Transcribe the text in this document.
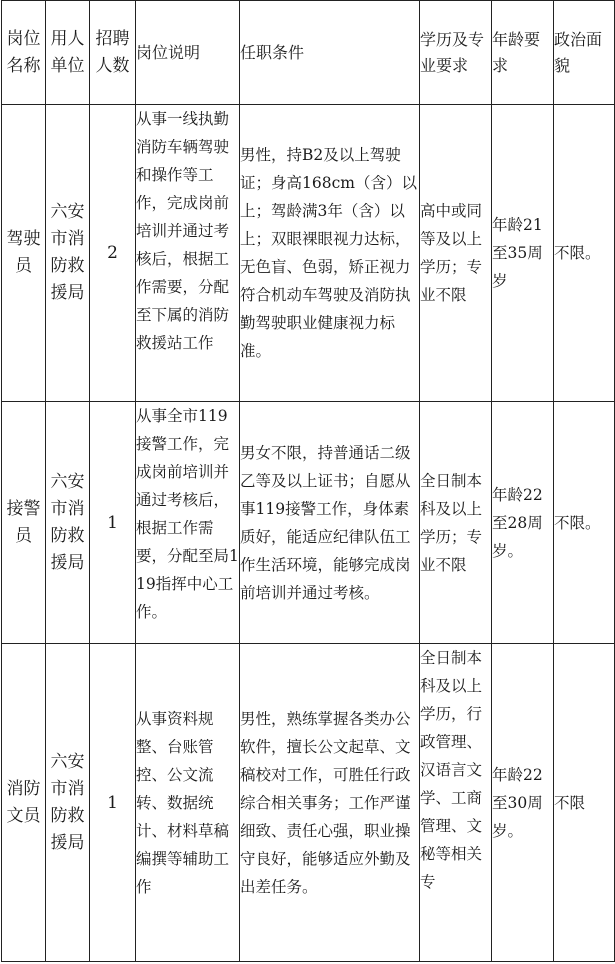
岗位名称	用人单位	招聘人数	岗位说明	任职条件	学历及专业要求	年龄要求	政治面貌
驾驶员	六安市消防救援局	2	从事一线执勤消防车辆驾驶和操作等工作，完成岗前培训并通过考核后，根据工作需要，分配至下属的消防救援站工作	男性，持B2及以上驾驶证；身高168cm（含）以上；驾龄满3年（含）以上；双眼裸眼视力达标，无色盲、色弱，矫正视力符合机动车驾驶及消防执勤驾驶职业健康视力标准。	高中或同等及以上学历；专业不限	年龄21至35周岁	不限。
接警员	六安市消防救援局	1	从事全市119接警工作，完成岗前培训并通过考核后，根据工作需要，分配至局119指挥中心工作。	男女不限，持普通话二级乙等及以上证书；自愿从事119接警工作，身体素质好，能适应纪律队伍工作生活环境，能够完成岗前培训并通过考核。	全日制本科及以上学历；专业不限	年龄22至28周岁。	不限。
消防文员	六安市消防救援局	1	从事资料规整、台账管控、公文流转、数据统计、材料草稿编撰等辅助工作	男性，熟练掌握各类办公软件，擅长公文起草、文稿校对工作，可胜任行政综合相关事务；工作严谨细致、责任心强，职业操守良好，能够适应外勤及出差任务。	全日制本科及以上学历，行政管理、汉语言文学、工商管理、文秘等相关专	年龄22至30周岁。	不限
